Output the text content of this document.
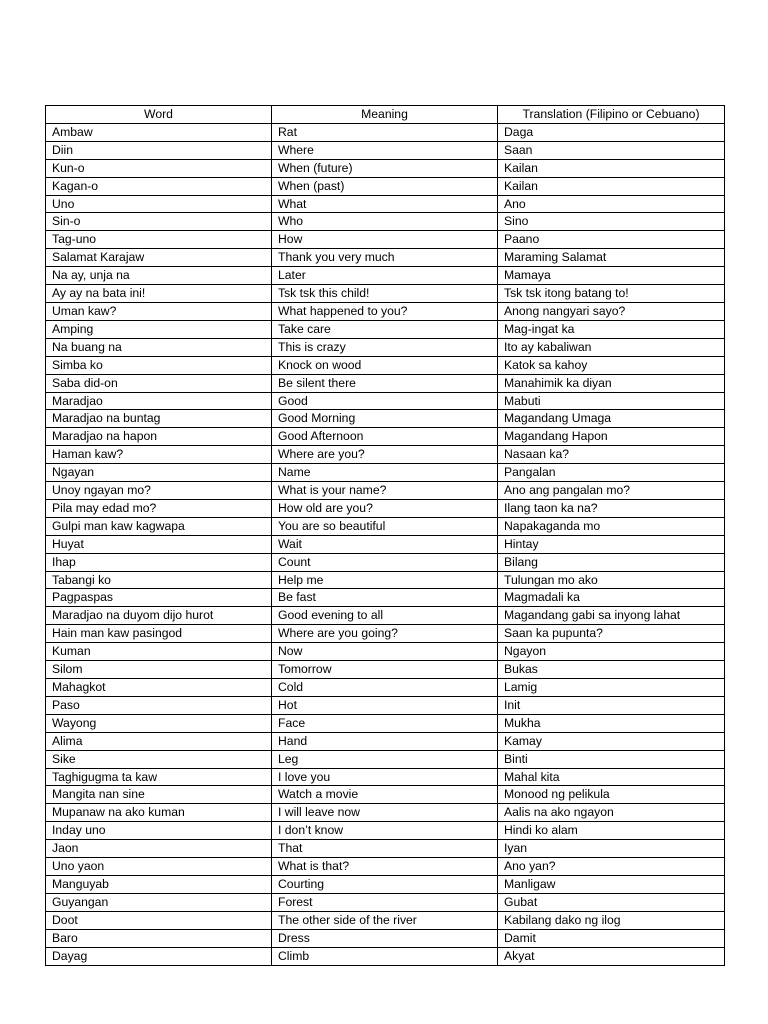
Word	Meaning	Translation (Filipino or Cebuano)
Ambaw	Rat	Daga
Diin	Where	Saan
Kun-o	When (future)	Kailan
Kagan-o	When (past)	Kailan
Uno	What	Ano
Sin-o	Who	Sino
Tag-uno	How	Paano
Salamat Karajaw	Thank you very much	Maraming Salamat
Na ay, unja na	Later	Mamaya
Ay ay na bata ini!	Tsk tsk this child!	Tsk tsk itong batang to!
Uman kaw?	What happened to you?	Anong nangyari sayo?
Amping	Take care	Mag-ingat ka
Na buang na	This is crazy	Ito ay kabaliwan
Simba ko	Knock on wood	Katok sa kahoy
Saba did-on	Be silent there	Manahimik ka diyan
Maradjao	Good	Mabuti
Maradjao na buntag	Good Morning	Magandang Umaga
Maradjao na hapon	Good Afternoon	Magandang Hapon
Haman kaw?	Where are you?	Nasaan ka?
Ngayan	Name	Pangalan
Unoy ngayan mo?	What is your name?	Ano ang pangalan mo?
Pila may edad mo?	How old are you?	Ilang taon ka na?
Gulpi man kaw kagwapa	You are so beautiful	Napakaganda mo
Huyat	Wait	Hintay
Ihap	Count	Bilang
Tabangi ko	Help me	Tulungan mo ako
Pagpaspas	Be fast	Magmadali ka
Maradjao na duyom dijo hurot	Good evening to all	Magandang gabi sa inyong lahat
Hain man kaw pasingod	Where are you going?	Saan ka pupunta?
Kuman	Now	Ngayon
Silom	Tomorrow	Bukas
Mahagkot	Cold	Lamig
Paso	Hot	Init
Wayong	Face	Mukha
Alima	Hand	Kamay
Sike	Leg	Binti
Taghigugma ta kaw	I love you	Mahal kita
Mangita nan sine	Watch a movie	Monood ng pelikula
Mupanaw na ako kuman	I will leave now	Aalis na ako ngayon
Inday uno	I don’t know	Hindi ko alam
Jaon	That	Iyan
Uno yaon	What is that?	Ano yan?
Manguyab	Courting	Manligaw
Guyangan	Forest	Gubat
Doot	The other side of the river	Kabilang dako ng ilog
Baro	Dress	Damit
Dayag	Climb	Akyat
